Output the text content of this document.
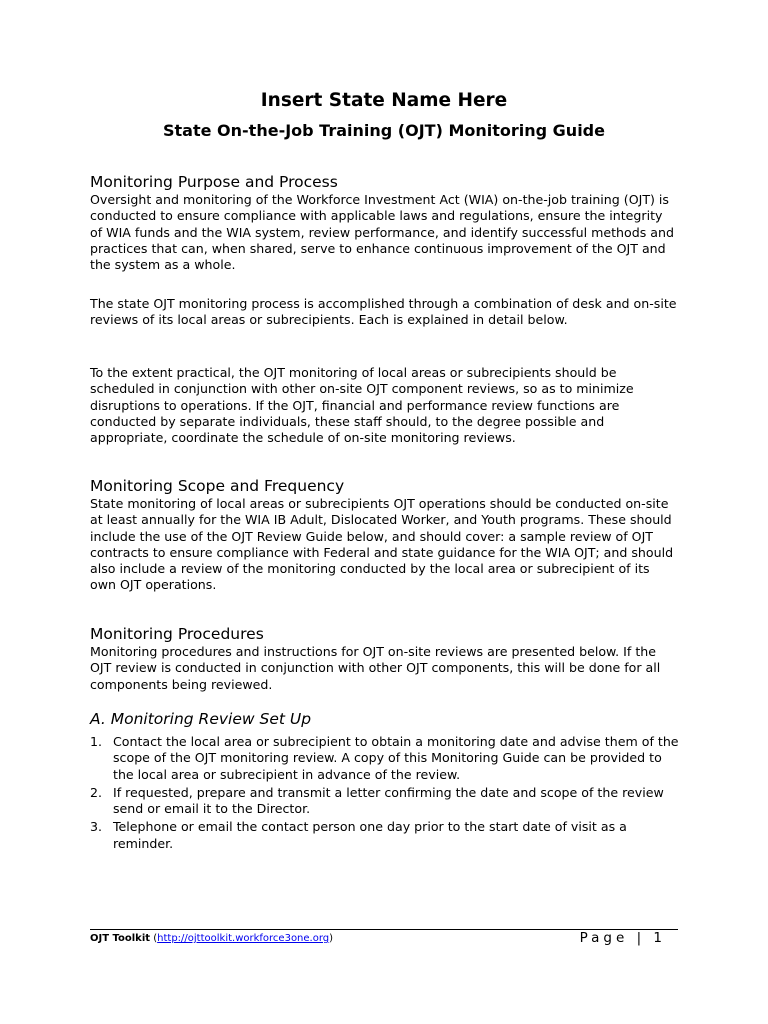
Insert State Name Here
State On-the-Job Training (OJT) Monitoring Guide
Monitoring Purpose and Process

Oversight and monitoring of the Workforce Investment Act (WIA) on-the-job training (OJT) is conducted to ensure compliance with applicable laws and regulations, ensure the integrity of WIA funds and the WIA system, review performance, and identify successful methods and practices that can, when shared, serve to enhance continuous improvement of the OJT and the system as a whole.

The state OJT monitoring process is accomplished through a combination of desk and on-site reviews of its local areas or subrecipients. Each is explained in detail below.

To the extent practical, the OJT monitoring of local areas or subrecipients should be scheduled in conjunction with other on-site OJT component reviews, so as to minimize disruptions to operations. If the OJT, financial and performance review functions are conducted by separate individuals, these staff should, to the degree possible and appropriate, coordinate the schedule of on-site monitoring reviews.

Monitoring Scope and Frequency

State monitoring of local areas or subrecipients OJT operations should be conducted on-site at least annually for the WIA IB Adult, Dislocated Worker, and Youth programs. These should include the use of the OJT Review Guide below, and should cover: a sample review of OJT contracts to ensure compliance with Federal and state guidance for the WIA OJT; and should also include a review of the monitoring conducted by the local area or subrecipient of its own OJT operations.

Monitoring Procedures

Monitoring procedures and instructions for OJT on-site reviews are presented below. If the OJT review is conducted in conjunction with other OJT components, this will be done for all components being reviewed.

A. Monitoring Review Set Up
1. Contact the local area or subrecipient to obtain a monitoring date and advise them of the scope of the OJT monitoring review. A copy of this Monitoring Guide can be provided to the local area or subrecipient in advance of the review.
2. If requested, prepare and transmit a letter confirming the date and scope of the review send or email it to the Director.
3. Telephone or email the contact person one day prior to the start date of visit as a reminder.
OJT Toolkit (http://ojttoolkit.workforce3one.org)	Page | 1
